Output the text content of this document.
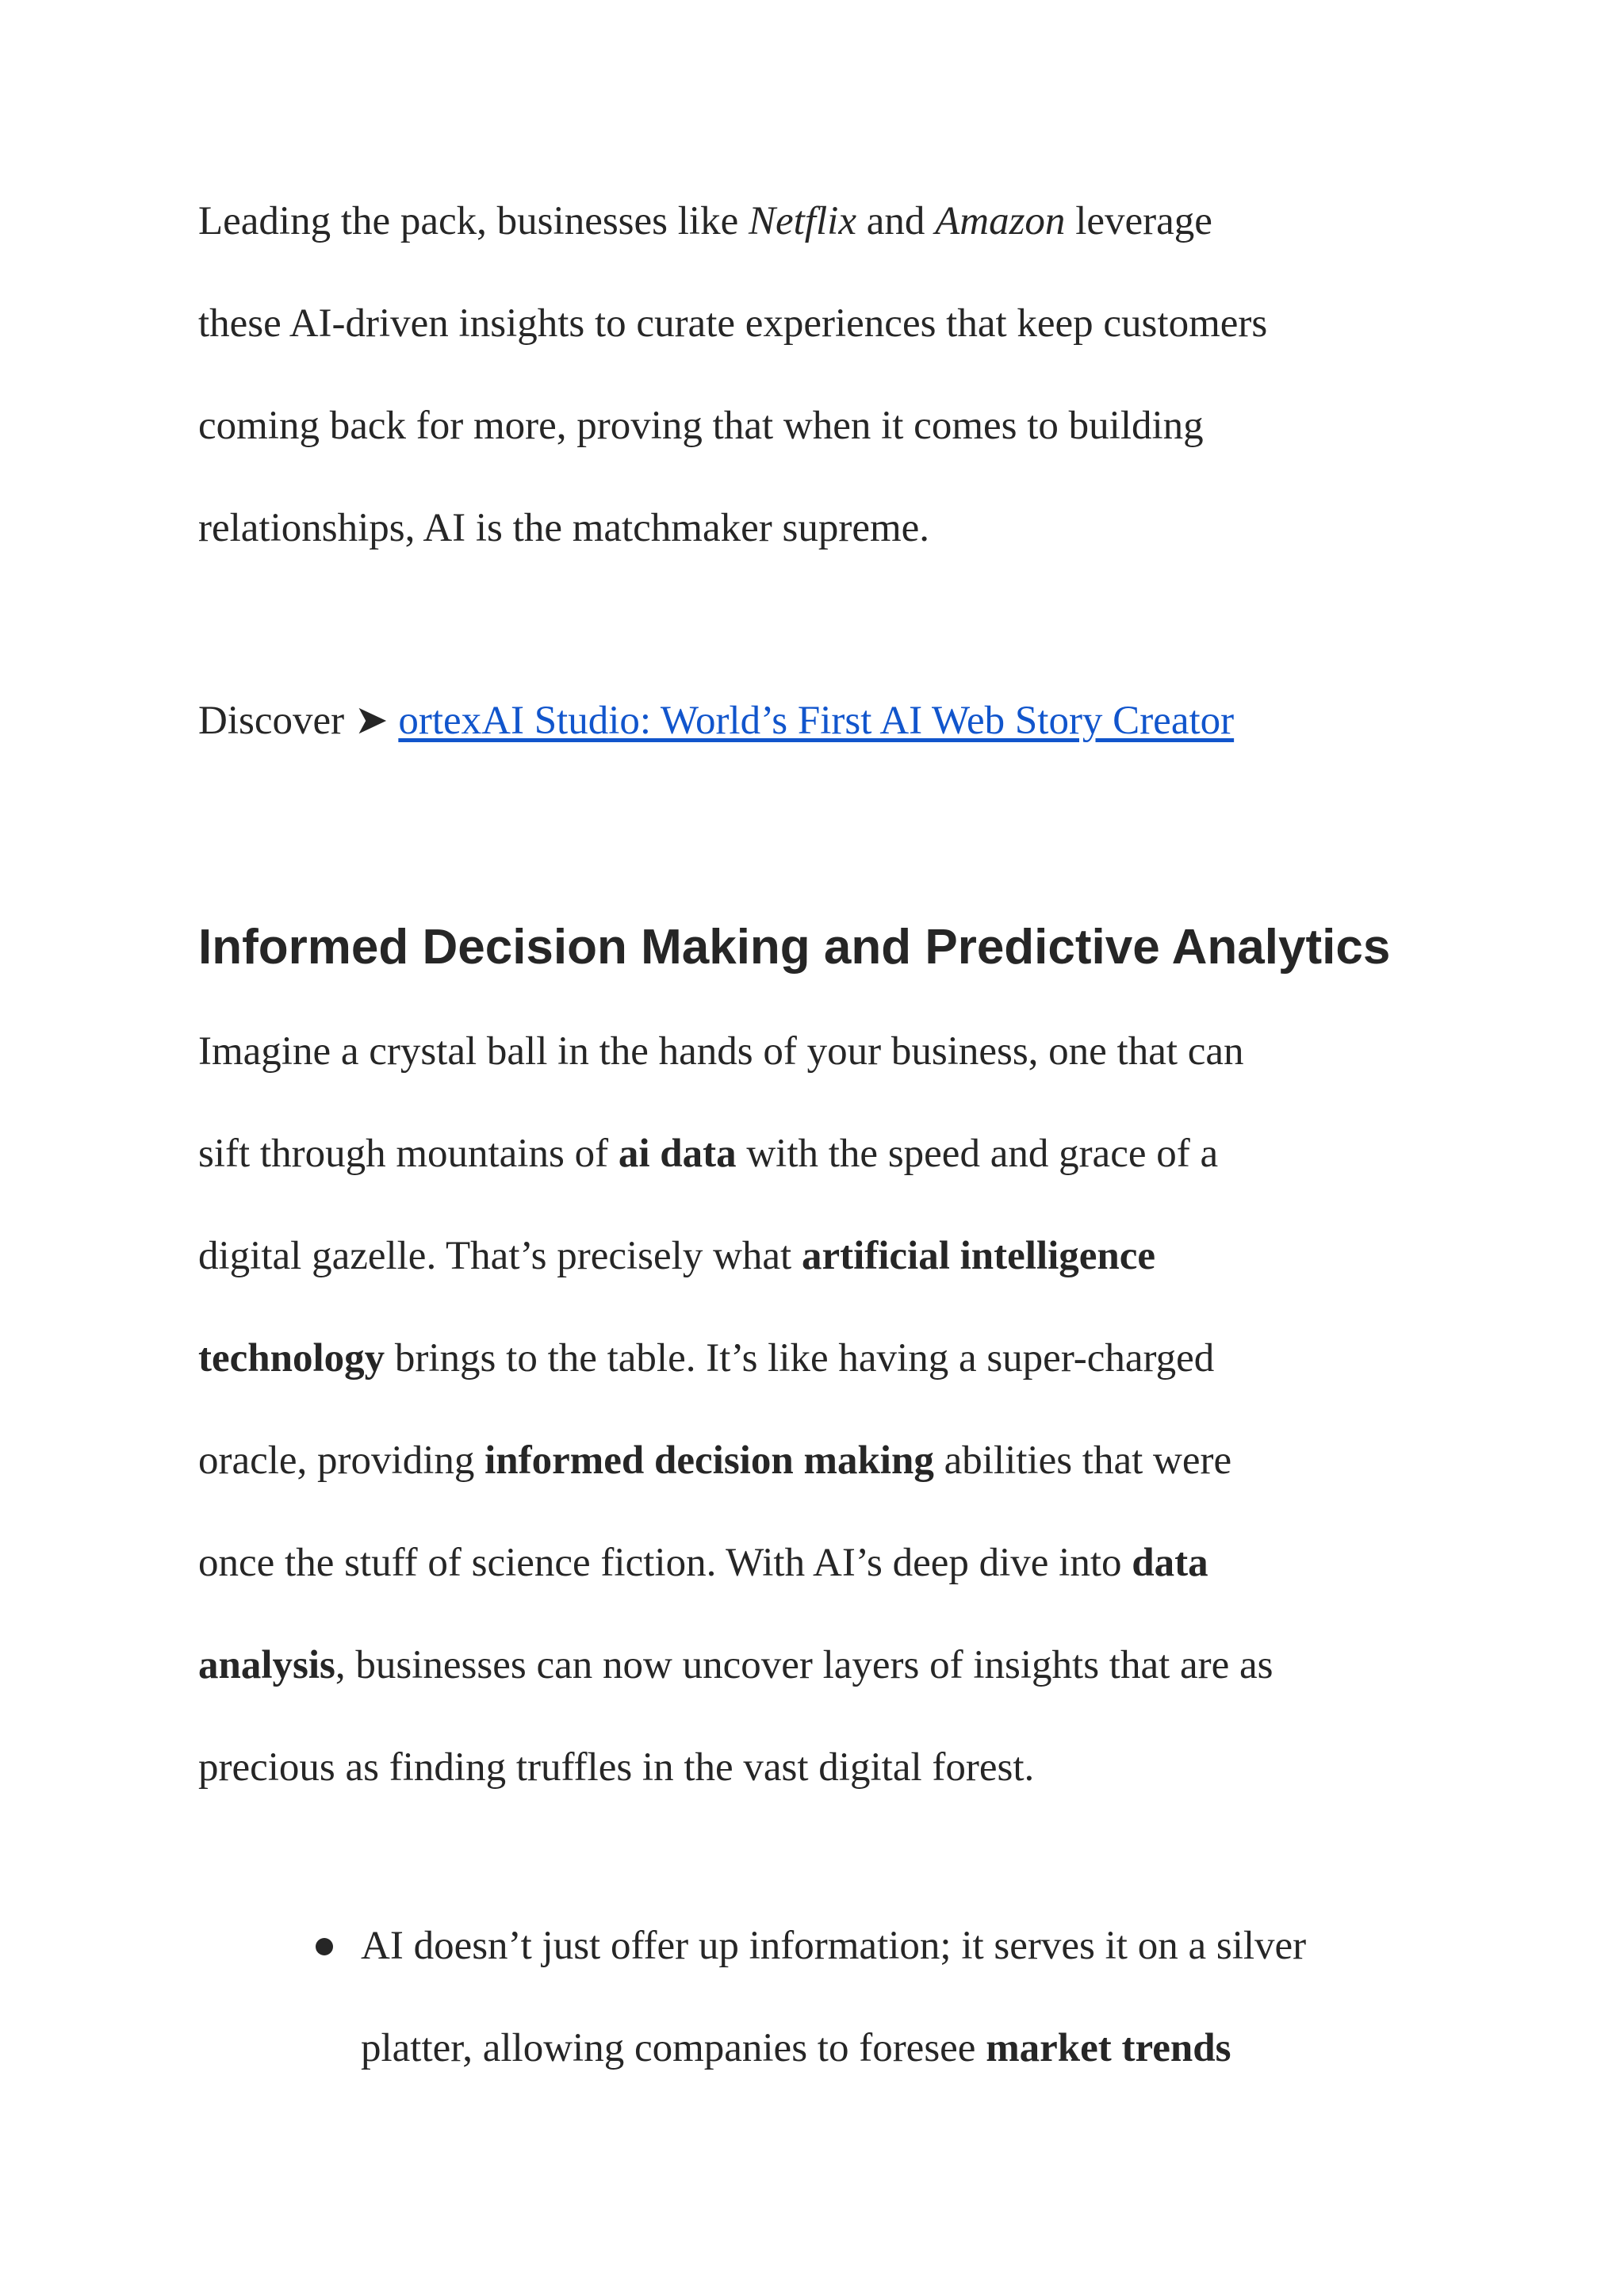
Leading the pack, businesses like Netflix and Amazon leverage
these AI-driven insights to curate experiences that keep customers
coming back for more, proving that when it comes to building
relationships, AI is the matchmaker supreme.

Discover ➤ ortexAI Studio: World’s First AI Web Story Creator

Informed Decision Making and Predictive Analytics

Imagine a crystal ball in the hands of your business, one that can
sift through mountains of ai data with the speed and grace of a
digital gazelle. That’s precisely what artificial intelligence
technology brings to the table. It’s like having a super-charged
oracle, providing informed decision making abilities that were
once the stuff of science fiction. With AI’s deep dive into data
analysis, businesses can now uncover layers of insights that are as
precious as finding truffles in the vast digital forest.

AI doesn’t just offer up information; it serves it on a silver
platter, allowing companies to foresee market trends
